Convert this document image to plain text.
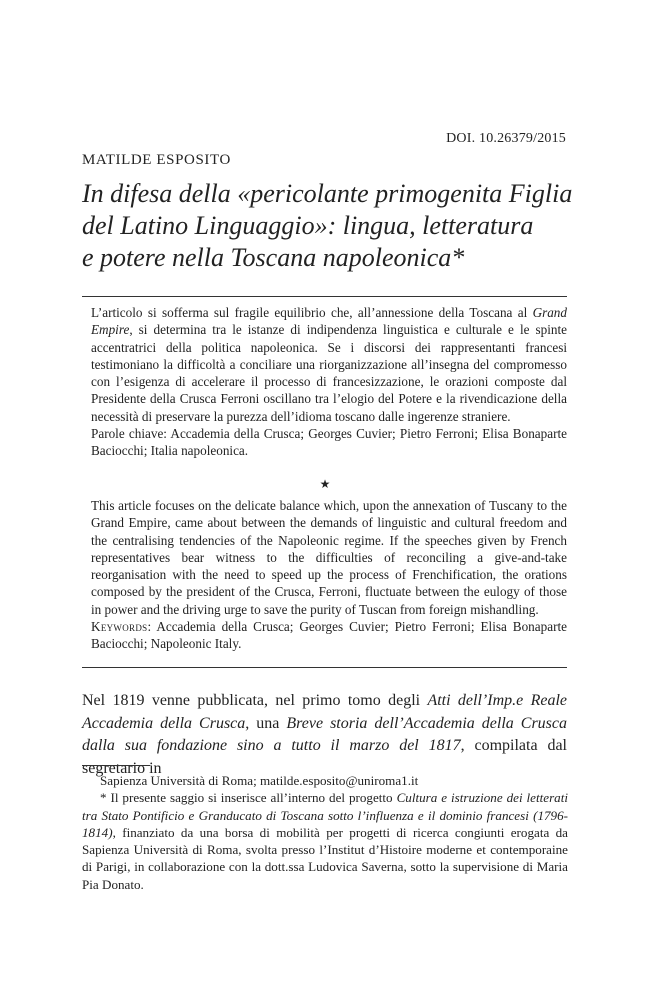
DOI. 10.26379/2015
MATILDE ESPOSITO
In difesa della «pericolante primogenita Figlia
del Latino Linguaggio»: lingua, letteratura
e potere nella Toscana napoleonica*

L’articolo si sofferma sul fragile equilibrio che, all’annessione della Toscana al Grand Empire, si determina tra le istanze di indipendenza linguistica e culturale e le spinte accentratrici della politica napoleonica. Se i discorsi dei rappresentanti francesi testimoniano la difficoltà a conciliare una riorganizzazione all’insegna del compromesso con l’esigenza di accelerare il processo di francesizzazione, le orazioni composte dal Presidente della Crusca Ferroni oscillano tra l’elogio del Potere e la rivendicazione della necessità di preservare la purezza dell’idioma toscano dalle ingerenze straniere.

Parole chiave: Accademia della Crusca; Georges Cuvier; Pietro Ferroni; Elisa Bonaparte Baciocchi; Italia napoleonica.

★

This article focuses on the delicate balance which, upon the annexation of Tuscany to the Grand Empire, came about between the demands of linguistic and cultural freedom and the centralising tendencies of the Napoleonic regime. If the speeches given by French representatives bear witness to the difficulties of reconciling a give-and-take reorganisation with the need to speed up the process of Frenchification, the orations composed by the president of the Crusca, Ferroni, fluctuate between the eulogy of those in power and the driving urge to save the purity of Tuscan from foreign mishandling.

Keywords: Accademia della Crusca; Georges Cuvier; Pietro Ferroni; Elisa Bonaparte Baciocchi; Napoleonic Italy.

Nel 1819 venne pubblicata, nel primo tomo degli Atti dell’Imp.e Reale Accademia della Crusca, una Breve storia dell’Accademia della Crusca dalla sua fondazione sino a tutto il marzo del 1817, compilata dal segretario in

Sapienza Università di Roma; matilde.esposito@uniroma1.it

* Il presente saggio si inserisce all’interno del progetto Cultura e istruzione dei letterati tra Stato Pontificio e Granducato di Toscana sotto l’influenza e il dominio francesi (1796-1814), finanziato da una borsa di mobilità per progetti di ricerca congiunti erogata da Sapienza Università di Roma, svolta presso l’Institut d’Histoire moderne et contemporaine di Parigi, in collaborazione con la dott.ssa Ludovica Saverna, sotto la supervisione di Maria Pia Donato.
